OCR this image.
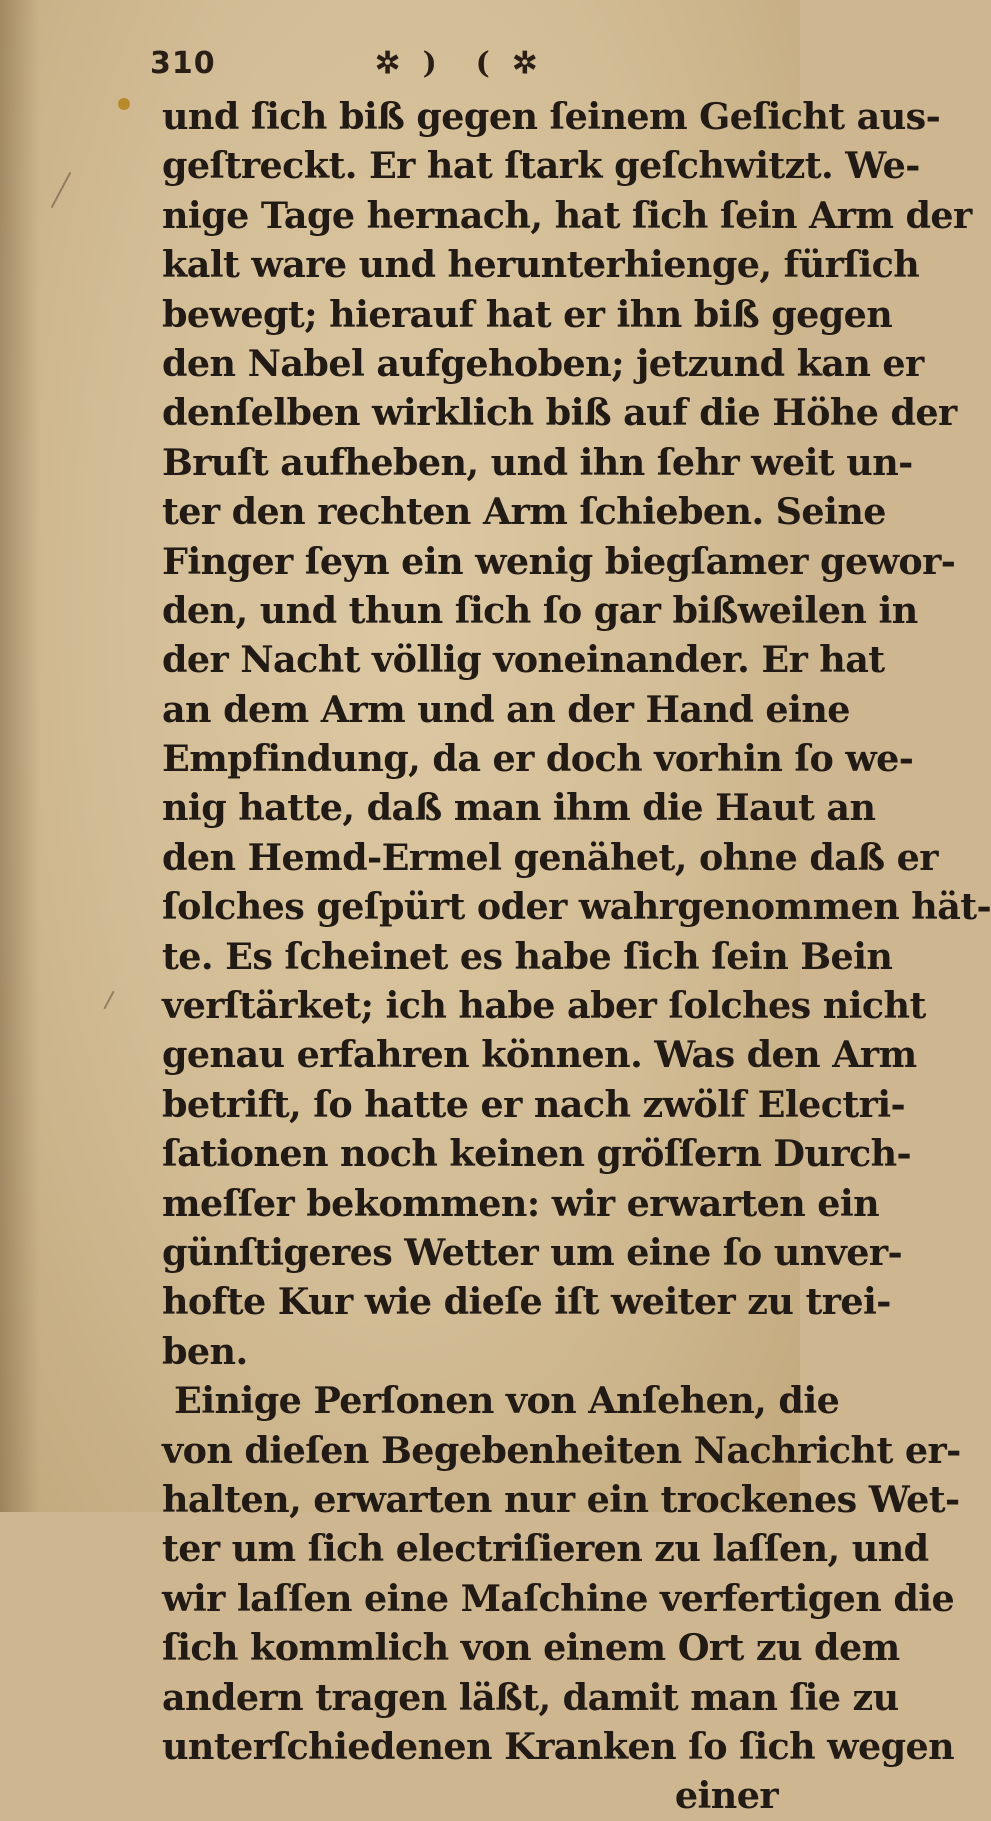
310	✲ )  ( ✲
und ſich biß gegen ſeinem Geſicht aus-
geſtreckt. Er hat ſtark geſchwitzt. We-
nige Tage hernach, hat ſich ſein Arm der
kalt ware und herunterhienge, fürſich
bewegt; hierauf hat er ihn biß gegen
den Nabel aufgehoben; jetzund kan er
denſelben wirklich biß auf die Höhe der
Bruſt aufheben, und ihn ſehr weit un-
ter den rechten Arm ſchieben. Seine
Finger ſeyn ein wenig biegſamer gewor-
den, und thun ſich ſo gar bißweilen in
der Nacht völlig voneinander. Er hat
an dem Arm und an der Hand eine
Empfindung, da er doch vorhin ſo we-
nig hatte, daß man ihm die Haut an
den Hemd-Ermel genähet, ohne daß er
ſolches geſpürt oder wahrgenommen hät-
te. Es ſcheinet es habe ſich ſein Bein
verſtärket; ich habe aber ſolches nicht
genau erfahren können. Was den Arm
betrift, ſo hatte er nach zwölf Electri-
ſationen noch keinen gröſſern Durch-
meſſer bekommen: wir erwarten ein
günſtigeres Wetter um eine ſo unver-
hofte Kur wie dieſe iſt weiter zu trei-
ben.
Einige Perſonen von Anſehen, die
von dieſen Begebenheiten Nachricht er-
halten, erwarten nur ein trockenes Wet-
ter um ſich electriſieren zu laſſen, und
wir laſſen eine Maſchine verfertigen die
ſich kommlich von einem Ort zu dem
andern tragen läßt, damit man ſie zu
unterſchiedenen Kranken ſo ſich wegen
einer
